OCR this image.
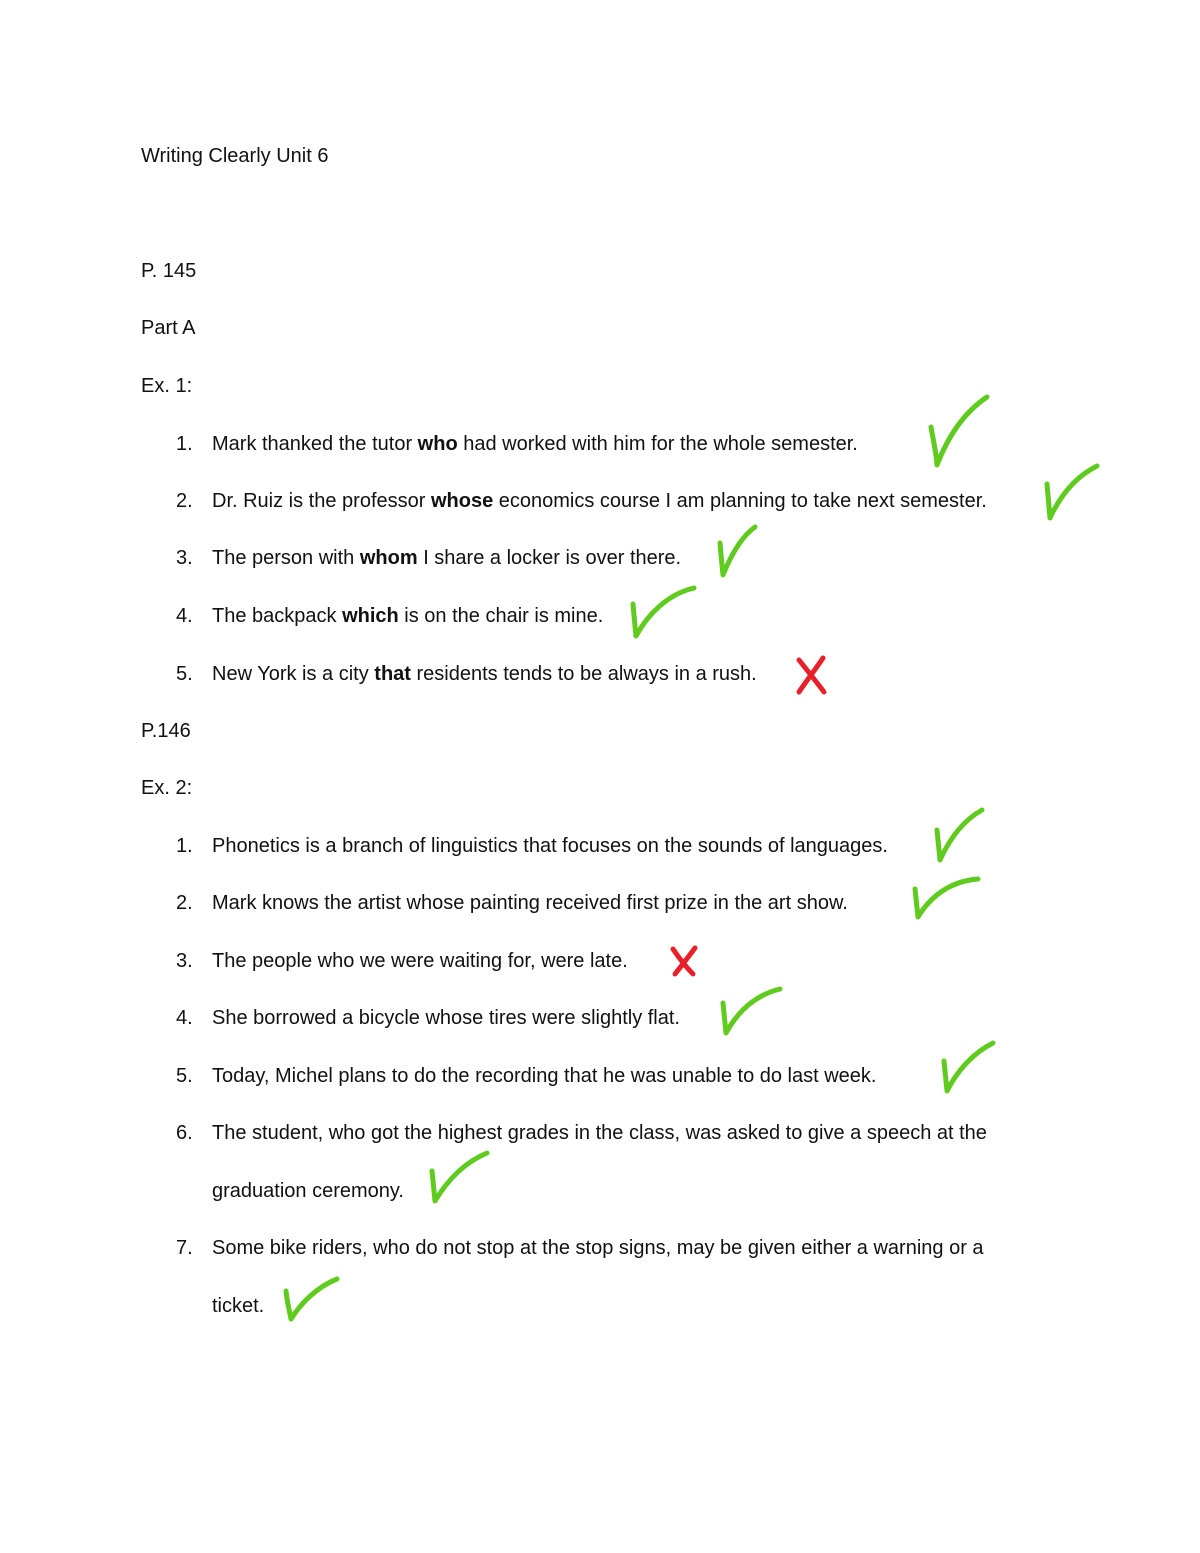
Writing Clearly Unit 6
P. 145
Part A
Ex. 1:
1. Mark thanked the tutor who had worked with him for the whole semester.
2. Dr. Ruiz is the professor whose economics course I am planning to take next semester.
3. The person with whom I share a locker is over there.
4. The backpack which is on the chair is mine.
5. New York is a city that residents tends to be always in a rush.
P.146
Ex. 2:
1. Phonetics is a branch of linguistics that focuses on the sounds of languages.
2. Mark knows the artist whose painting received first prize in the art show.
3. The people who we were waiting for, were late.
4. She borrowed a bicycle whose tires were slightly flat.
5. Today, Michel plans to do the recording that he was unable to do last week.
6. The student, who got the highest grades in the class, was asked to give a speech at the
graduation ceremony.
7. Some bike riders, who do not stop at the stop signs, may be given either a warning or a
ticket.
